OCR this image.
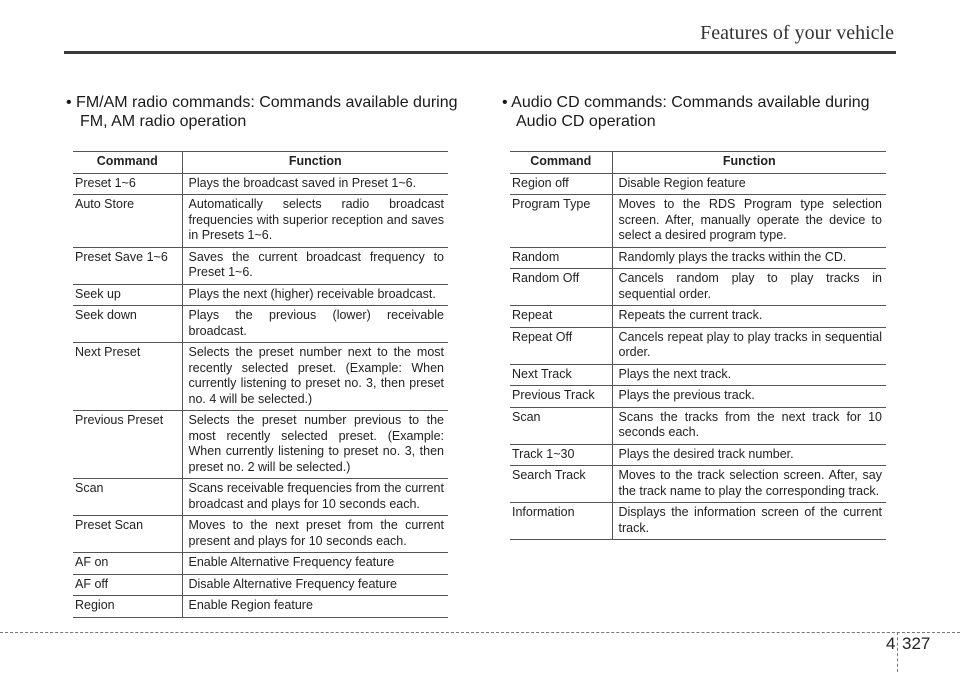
Features of your vehicle
• FM/AM radio commands: Commands available during
FM, AM radio operation
• Audio CD commands: Commands available during
Audio CD operation
Command	Function
Preset 1~6	Plays the broadcast saved in Preset 1~6.
Auto Store	Automatically selects radio broadcast frequencies with superior reception and saves in Presets 1~6.
Preset Save 1~6	Saves the current broadcast frequency to Preset 1~6.
Seek up	Plays the next (higher) receivable broadcast.
Seek down	Plays the previous (lower) receivable broadcast.
Next Preset	Selects the preset number next to the most recently selected preset. (Example: When currently listening to preset no. 3, then preset no. 4 will be selected.)
Previous Preset	Selects the preset number previous to the most recently selected preset. (Example: When currently listening to preset no. 3, then preset no. 2 will be selected.)
Scan	Scans receivable frequencies from the current broadcast and plays for 10 seconds each.
Preset Scan	Moves to the next preset from the current present and plays for 10 seconds each.
AF on	Enable Alternative Frequency feature
AF off	Disable Alternative Frequency feature
Region	Enable Region feature
Command	Function
Region off	Disable Region feature
Program Type	Moves to the RDS Program type selection screen. After, manually operate the device to select a desired program type.
Random	Randomly plays the tracks within the CD.
Random Off	Cancels random play to play tracks in sequential order.
Repeat	Repeats the current track.
Repeat Off	Cancels repeat play to play tracks in sequential order.
Next Track	Plays the next track.
Previous Track	Plays the previous track.
Scan	Scans the tracks from the next track for 10 seconds each.
Track 1~30	Plays the desired track number.
Search Track	Moves to the track selection screen. After, say the track name to play the corresponding track.
Information	Displays the information screen of the current track.
4 327
